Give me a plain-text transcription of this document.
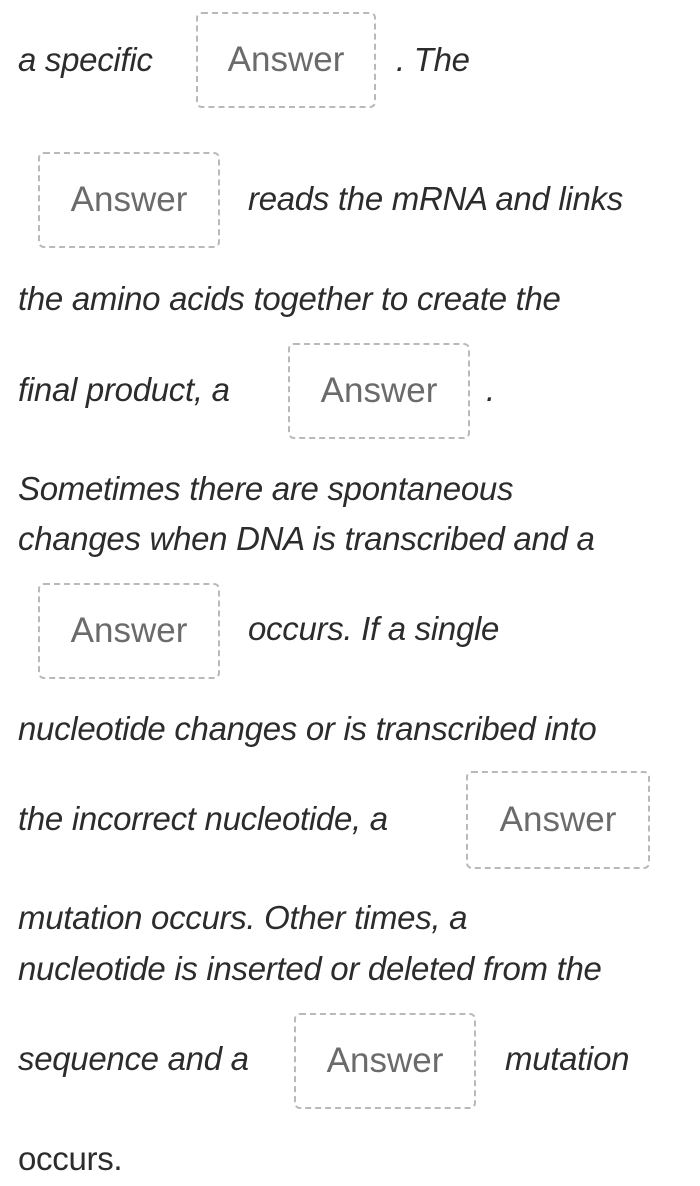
a specific Answer . The
Answer reads the mRNA and links
the amino acids together to create the
final product, a	Answer .
Sometimes there are spontaneous
changes when DNA is transcribed and a
Answer occurs. If a single
nucleotide changes or is transcribed into
the incorrect nucleotide, a	Answer
mutation occurs. Other times, a
nucleotide is inserted or deleted from the
sequence and a Answer mutation
occurs.
